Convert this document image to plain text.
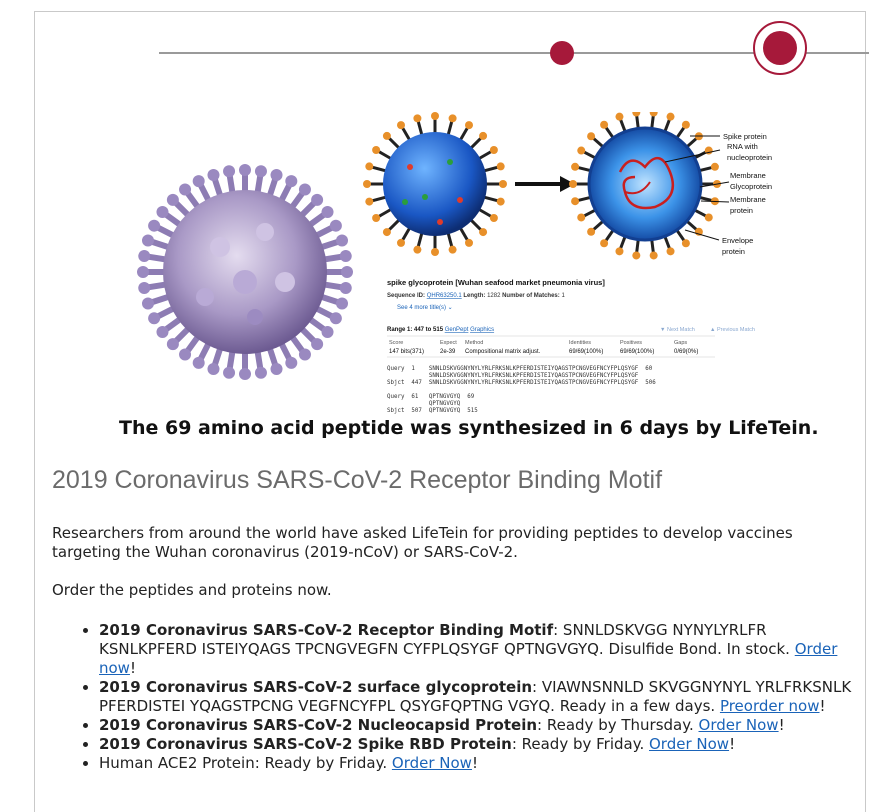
Spike protein
RNA with
nucleoprotein
Membrane
Glycoprotein
Membrane
protein
Envelope
protein
spike glycoprotein [Wuhan seafood market pneumonia virus]
Sequence ID: QHR63250.1 Length: 1282 Number of Matches: 1
See 4 more title(s) ⌄
Range 1: 447 to 515 GenPept Graphics	▼ Next Match	▲ Previous Match
Score	Expect Method	Identities	Positives	Gaps
147 bits(371)	2e-39 Compositional matrix adjust.	69/69(100%)	69/69(100%)	0/69(0%)
Query  1    SNNLDSKVGGNYNYLYRLFRKSNLKPFERDISTEIYQAGSTPCNGVEGFNCYFPLQSYGF  60
SNNLDSKVGGNYNYLYRLFRKSNLKPFERDISTEIYQAGSTPCNGVEGFNCYFPLQSYGF
Sbjct  447  SNNLDSKVGGNYNYLYRLFRKSNLKPFERDISTEIYQAGSTPCNGVEGFNCYFPLQSYGF  506
Query  61   QPTNGVGYQ  69
QPTNGVGYQ
Sbjct  507  QPTNGVGYQ  515
The 69 amino acid peptide was synthesized in 6 days by LifeTein.
2019 Coronavirus SARS-CoV-2 Receptor Binding Motif
Researchers from around the world have asked LifeTein for providing peptides to develop vaccines targeting the Wuhan coronavirus (2019-nCoV) or SARS-CoV-2.
Order the peptides and proteins now.
• 2019 Coronavirus SARS-CoV-2 Receptor Binding Motif: SNNLDSKVGG NYNYLYRLFR KSNLKPFERD ISTEIYQAGS TPCNGVEGFN CYFPLQSYGF QPTNGVGYQ. Disulfide Bond. In stock. Order now!
• 2019 Coronavirus SARS-CoV-2 surface glycoprotein: VIAWNSNNLD SKVGGNYNYL YRLFRKSNLK PFERDISTEI YQAGSTPCNG VEGFNCYFPL QSYGFQPTNG VGYQ. Ready in a few days. Preorder now!
• 2019 Coronavirus SARS-CoV-2 Nucleocapsid Protein: Ready by Thursday. Order Now!
• 2019 Coronavirus SARS-CoV-2 Spike RBD Protein: Ready by Friday. Order Now!
• Human ACE2 Protein: Ready by Friday. Order Now!
